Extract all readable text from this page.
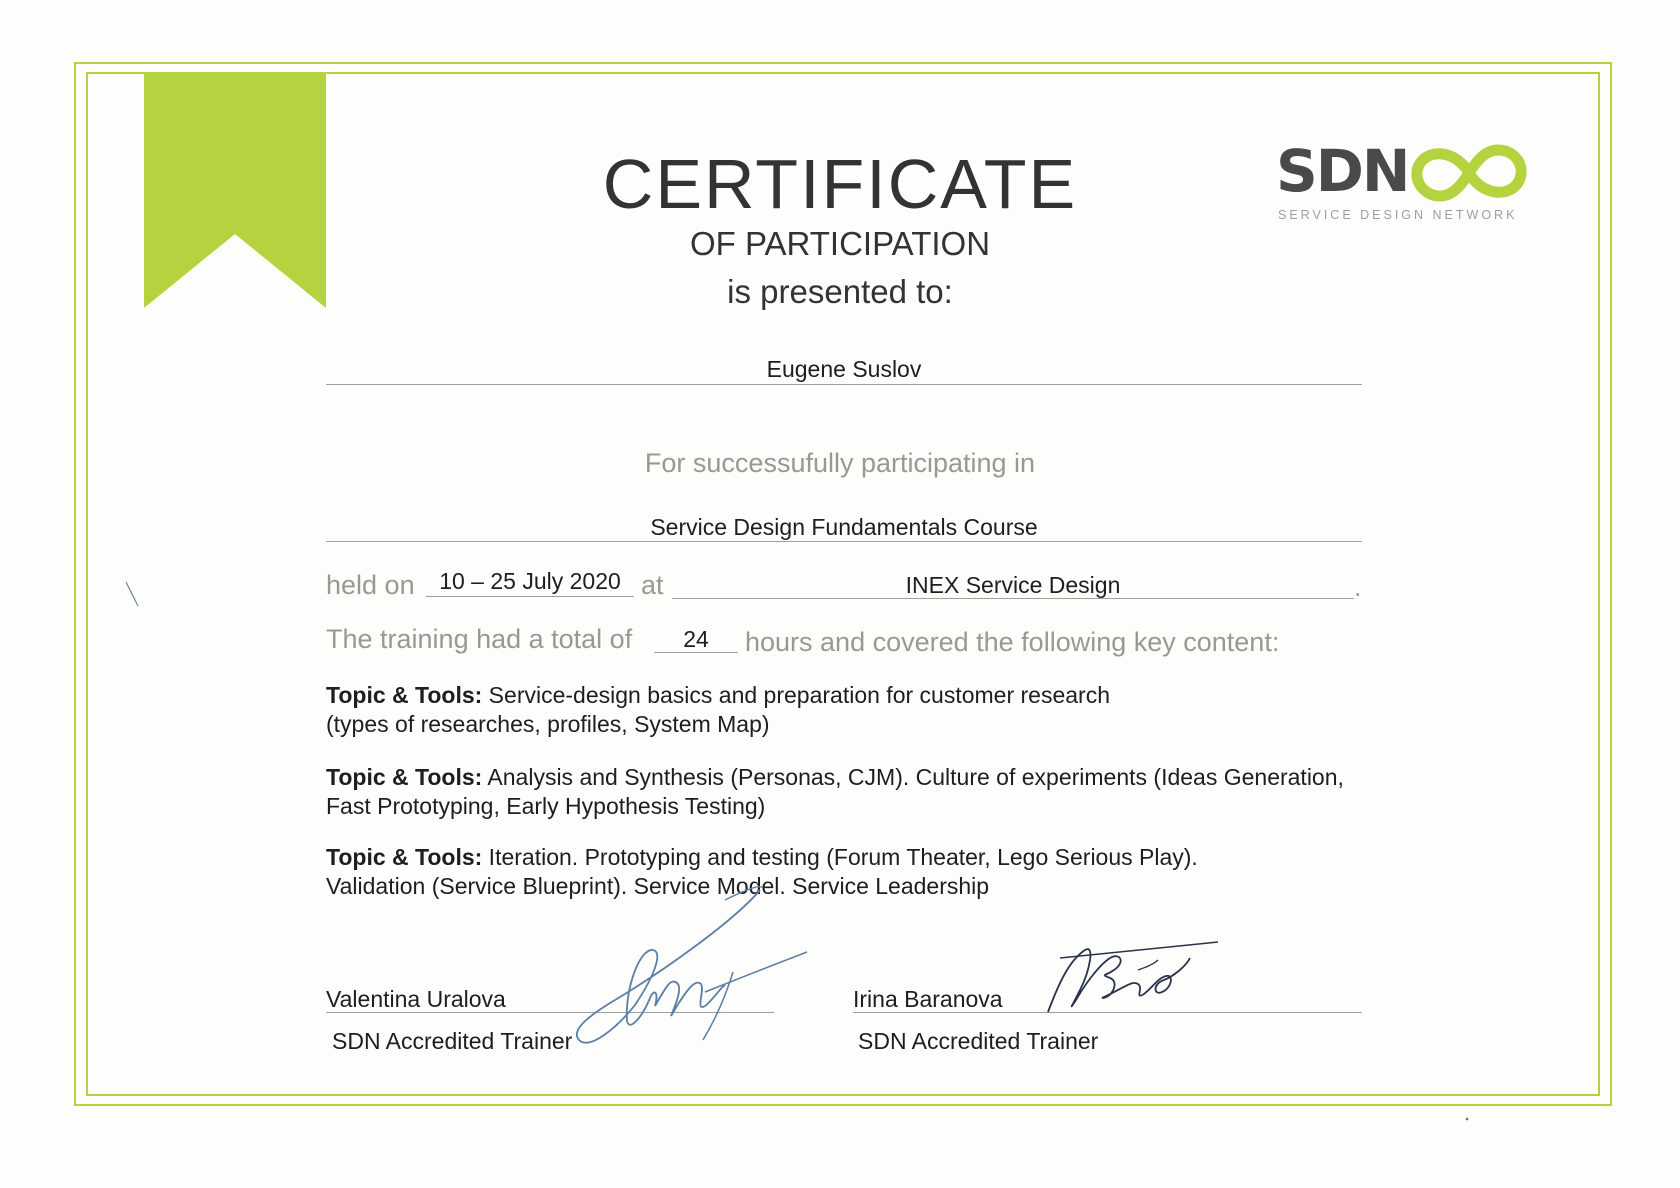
SDN
SERVICE DESIGN NETWORK
CERTIFICATE
OF PARTICIPATION
is presented to:
Eugene Suslov
For successufully participating in
Service Design Fundamentals Course
held on	10 – 25 July 2020 at	INEX Service Design	.
The training had a total of	24	hours and covered the following key content:
Topic & Tools: Service-design basics and preparation for customer research
(types of researches, profiles, System Map)
Topic & Tools: Analysis and Synthesis (Personas, CJM). Culture of experiments (Ideas Generation,
Fast Prototyping, Early Hypothesis Testing)
Topic & Tools: Iteration. Prototyping and testing (Forum Theater, Lego Serious Play).
Validation (Service Blueprint). Service Model. Service Leadership
Valentina Uralova
SDN Accredited Trainer
Irina Baranova
SDN Accredited Trainer
